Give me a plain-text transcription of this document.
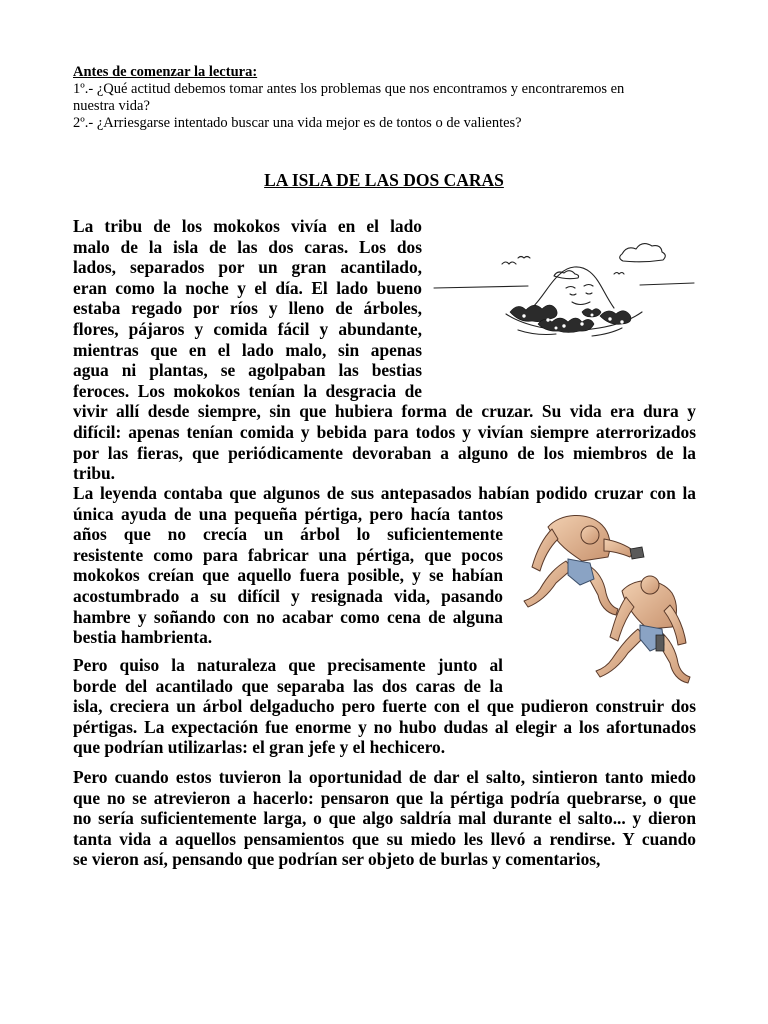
Antes de comenzar la lectura:

1º.- ¿Qué actitud debemos tomar antes los problemas que nos encontramos y encontraremos en

nuestra vida?

2º.- ¿Arriesgarse intentado buscar una vida mejor es de tontos o de valientes?

LA ISLA DE LAS DOS CARAS

La tribu de los mokokos vivía en el lado
malo de la isla de las dos caras. Los dos
lados, separados por un gran acantilado,
eran como la noche y el día. El lado bueno
estaba regado por ríos y lleno de árboles,
flores, pájaros y comida fácil y abundante,
mientras que en el lado malo, sin apenas
agua ni plantas, se agolpaban las bestias
feroces. Los mokokos tenían la desgracia de
vivir allí desde siempre, sin que hubiera forma de cruzar. Su vida era dura y
difícil: apenas tenían comida y bebida para todos y vivían siempre aterrorizados
por las fieras, que periódicamente devoraban a alguno de los miembros de la
tribu.

La leyenda contaba que algunos de sus antepasados habían podido cruzar con la
única ayuda de una pequeña pértiga, pero hacía tantos
años que no crecía un árbol lo suficientemente
resistente como para fabricar una pértiga, que pocos
mokokos creían que aquello fuera posible, y se habían
acostumbrado a su difícil y resignada vida, pasando
hambre y soñando con no acabar como cena de alguna
bestia hambrienta.

Pero quiso la naturaleza que precisamente junto al
borde del acantilado que separaba las dos caras de la
isla, creciera un árbol delgaducho pero fuerte con el que pudieron construir dos
pértigas. La expectación fue enorme y no hubo dudas al elegir a los afortunados
que podrían utilizarlas: el gran jefe y el hechicero.

Pero cuando estos tuvieron la oportunidad de dar el salto, sintieron tanto miedo
que no se atrevieron a hacerlo: pensaron que la pértiga podría quebrarse, o que
no sería suficientemente larga, o que algo saldría mal durante el salto... y dieron
tanta vida a aquellos pensamientos que su miedo les llevó a rendirse. Y cuando
se vieron así, pensando que podrían ser objeto de burlas y comentarios,
